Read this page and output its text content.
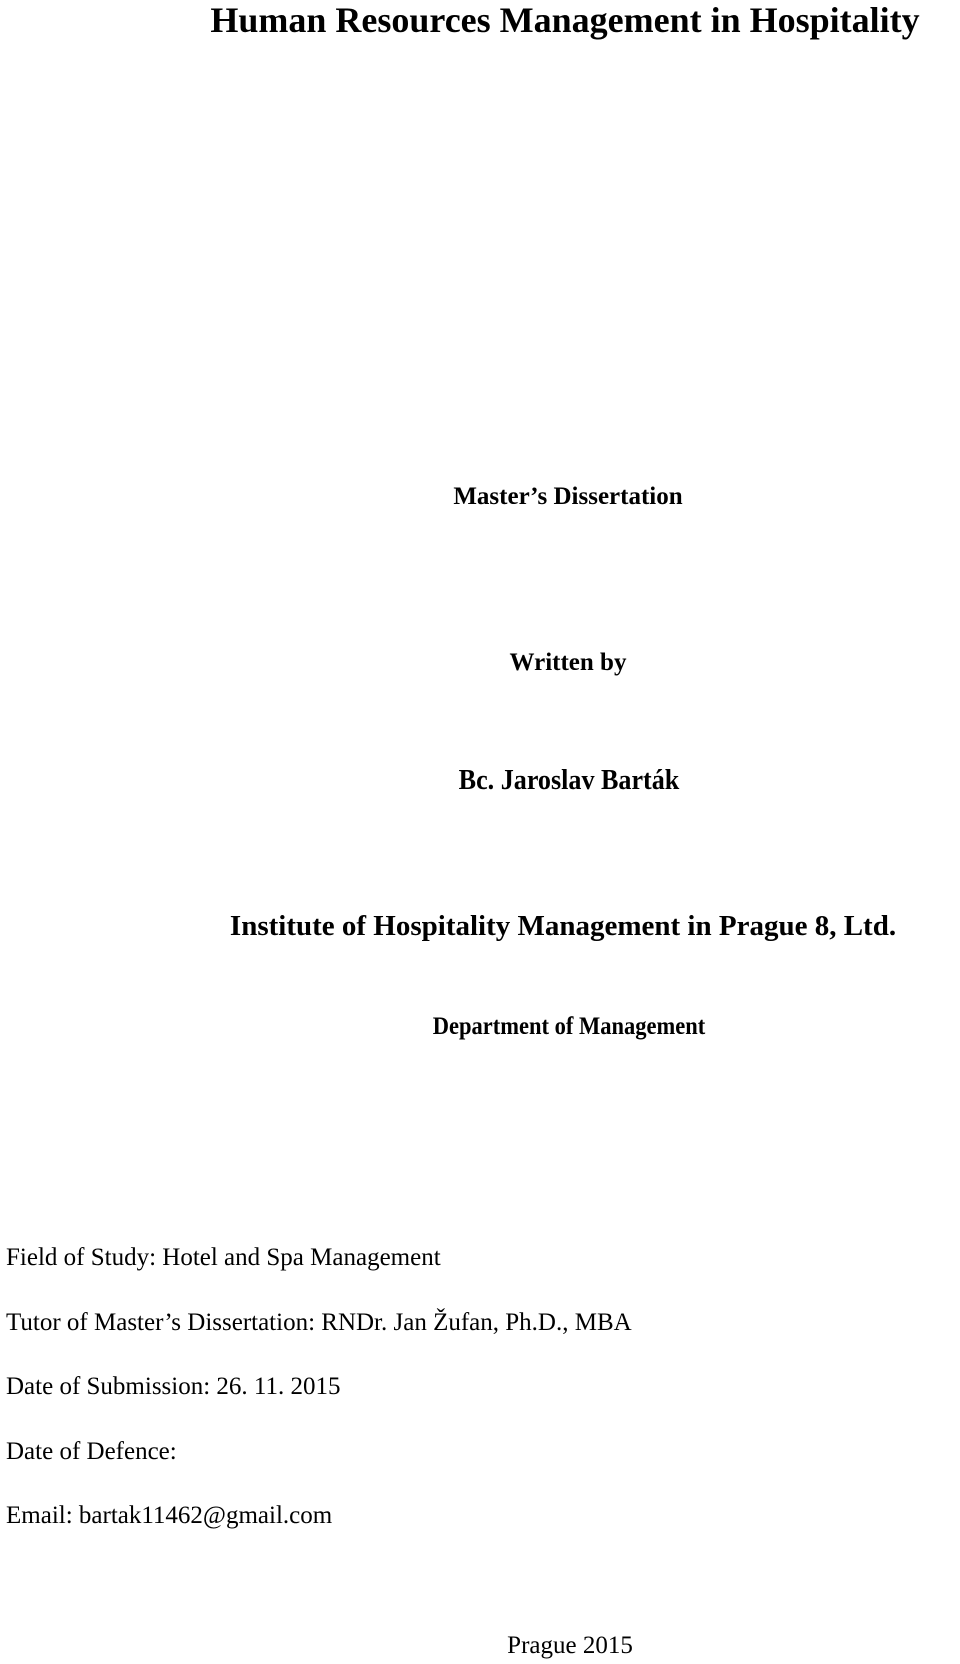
Human Resources Management in Hospitality
Master’s Dissertation
Written by
Bc. Jaroslav Barták
Institute of Hospitality Management in Prague 8, Ltd.
Department of Management
Field of Study: Hotel and Spa Management
Tutor of Master’s Dissertation: RNDr. Jan Žufan, Ph.D., MBA
Date of Submission: 26. 11. 2015
Date of Defence:
Email: bartak11462@gmail.com
Prague 2015
